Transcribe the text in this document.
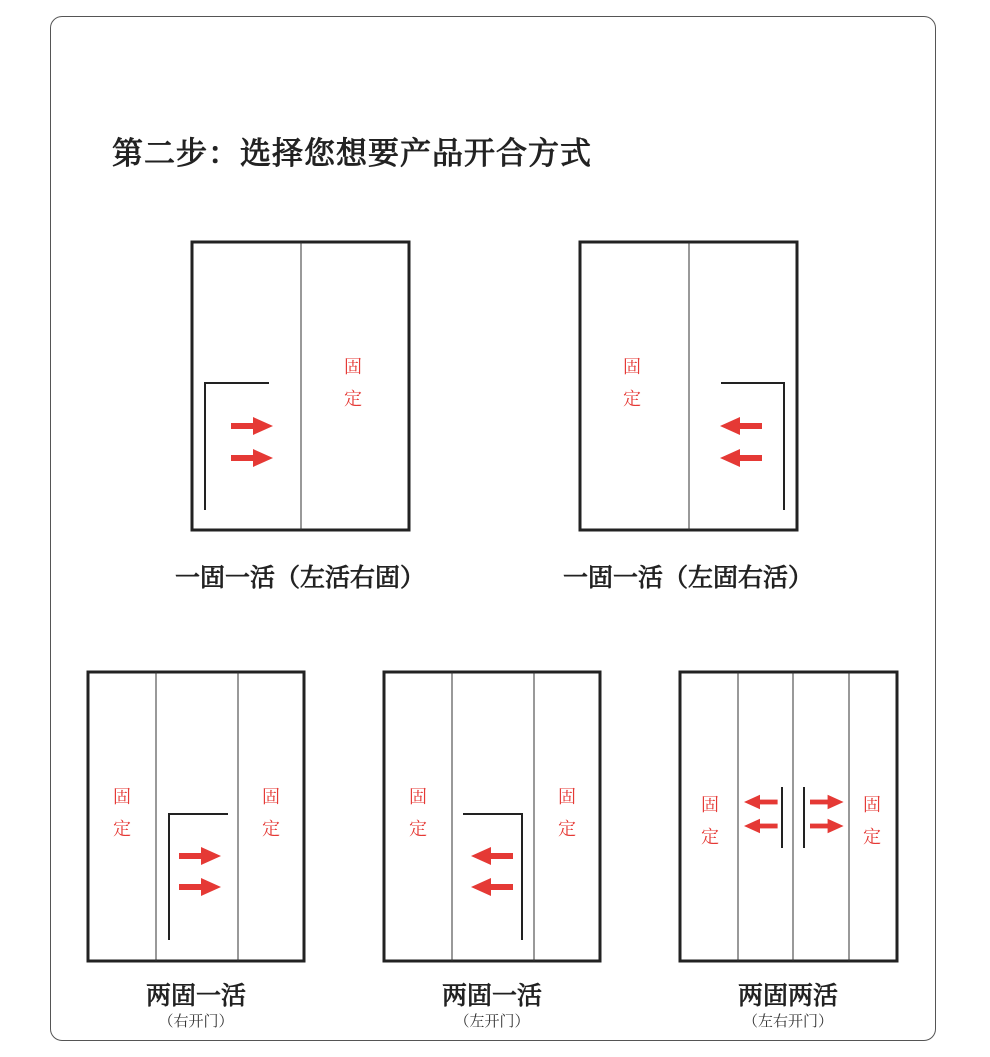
第二步：选择您想要产品开合方式
固
定
固
定
固
定
固
定
固
定
固
定
固
定
固
定
一固一活（左活右固）	一固一活（左固右活）
两固一活
（右开门）
两固一活
（左开门）
两固两活
（左右开门）
